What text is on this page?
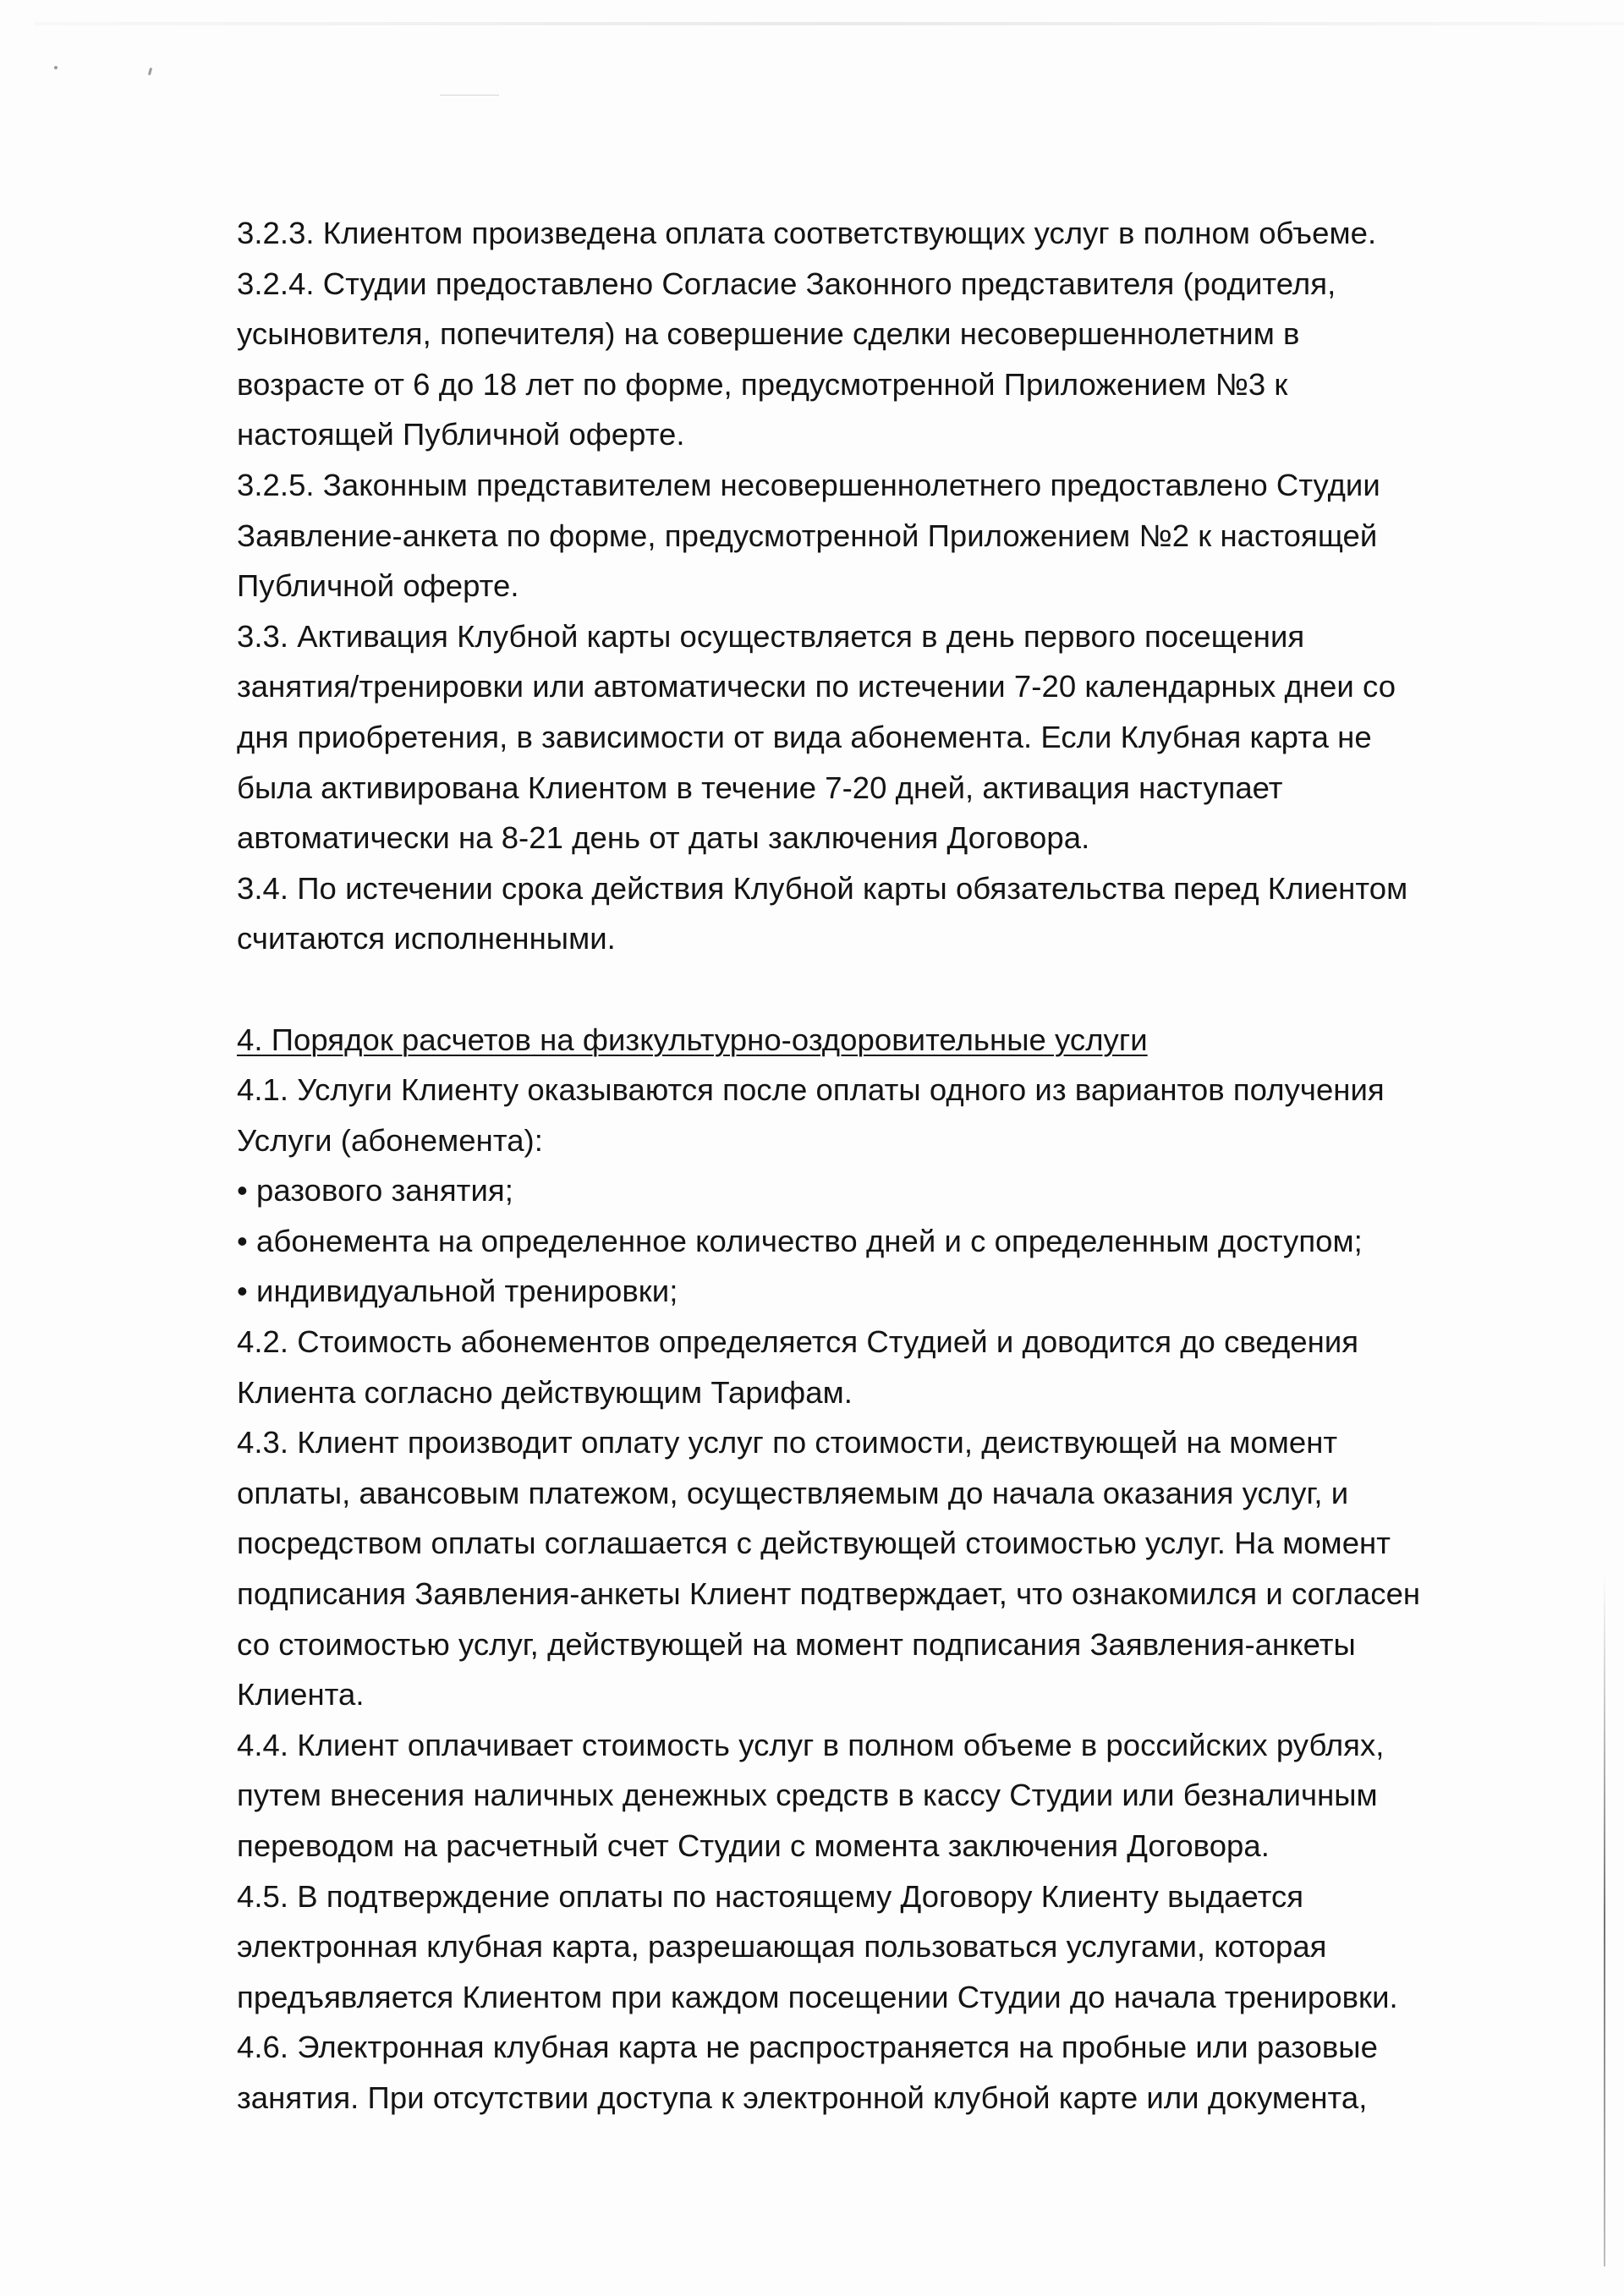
3.2.3. Клиентом произведена оплата соответствующих услуг в полном объеме.
3.2.4. Студии предоставлено Согласие Законного представителя (родителя,
усыновителя, попечителя) на совершение сделки несовершеннолетним в
возрасте от 6 до 18 лет по форме, предусмотренной Приложением №3 к
настоящей Публичной оферте.
3.2.5. Законным представителем несовершеннолетнего предоставлено Студии
Заявление-анкета по форме, предусмотренной Приложением №2 к настоящей
Публичной оферте.
3.3. Активация Клубной карты осуществляется в день первого посещения
занятия/тренировки или автоматически по истечении 7-20 календарных днеи со
дня приобретения, в зависимости от вида абонемента. Если Клубная карта не
была активирована Клиентом в течение 7-20 дней, активация наступает
автоматически на 8-21 день от даты заключения Договора.
3.4. По истечении срока действия Клубной карты обязательства перед Клиентом
считаются исполненными.
4. Порядок расчетов на физкультурно-оздоровительные услуги
4.1. Услуги Клиенту оказываются после оплаты одного из вариантов получения
Услуги (абонемента):
• разового занятия;
• абонемента на определенное количество дней и с определенным доступом;
• индивидуальной тренировки;
4.2. Стоимость абонементов определяется Студией и доводится до сведения
Клиента согласно действующим Тарифам.
4.3. Клиент производит оплату услуг по стоимости, деиствующей на момент
оплаты, авансовым платежом, осуществляемым до начала оказания услуг, и
посредством оплаты соглашается с действующей стоимостью услуг. На момент
подписания Заявления-анкеты Клиент подтверждает, что ознакомился и согласен
со стоимостью услуг, действующей на момент подписания Заявления-анкеты
Клиента.
4.4. Клиент оплачивает стоимость услуг в полном объеме в российских рублях,
путем внесения наличных денежных средств в кассу Студии или безналичным
переводом на расчетный счет Студии с момента заключения Договора.
4.5. В подтверждение оплаты по настоящему Договору Клиенту выдается
электронная клубная карта, разрешающая пользоваться услугами, которая
предъявляется Клиентом при каждом посещении Студии до начала тренировки.
4.6. Электронная клубная карта не распространяется на пробные или разовые
занятия. При отсутствии доступа к электронной клубной карте или документа,
